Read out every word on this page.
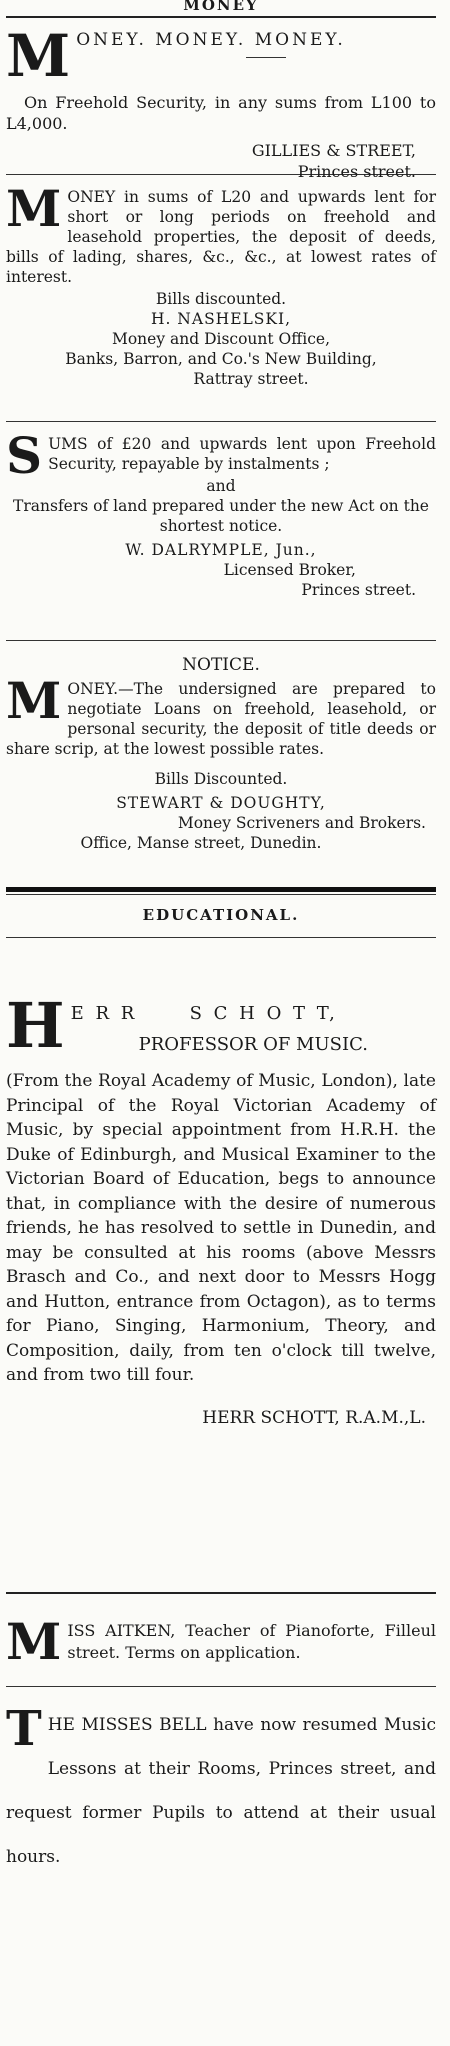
MONEY
M ONEY. MONEY. MONEY.
On Freehold Security, in any sums from L100 to L4,000.
GILLIES & STREET,
Princes street.
M ONEY in sums of L20 and upwards lent for short or long periods on freehold and leasehold properties, the deposit of deeds, bills of lading, shares, &c., &c., at lowest rates of interest.
Bills discounted.
H. NASHELSKI,
Money and Discount Office,
Banks, Barron, and Co.'s New Building,
Rattray street.
S UMS of £20 and upwards lent upon Freehold Security, repayable by instalments ;
and
Transfers of land prepared under the new Act on the shortest notice.
W. DALRYMPLE, Jun.,
Licensed Broker,
Princes street.
NOTICE.
M ONEY.—The undersigned are prepared to negotiate Loans on freehold, leasehold, or personal security, the deposit of title deeds or share scrip, at the lowest possible rates.
Bills Discounted.
STEWART & DOUGHTY,
Money Scriveners and Brokers.
Office, Manse street, Dunedin.
EDUCATIONAL.
H E R R      S C H O T T,
PROFESSOR OF MUSIC.
(From the Royal Academy of Music, London), late Principal of the Royal Victorian Academy of Music, by special appointment from H.R.H. the Duke of Edinburgh, and Musical Examiner to the Victorian Board of Education, begs to announce that, in compliance with the desire of numerous friends, he has resolved to settle in Dunedin, and may be consulted at his rooms (above Messrs Brasch and Co., and next door to Messrs Hogg and Hutton, entrance from Octagon), as to terms for Piano, Singing, Harmonium, Theory, and Composition, daily, from ten o'clock till twelve, and from two till four.
HERR SCHOTT, R.A.M.,L.
M ISS AITKEN, Teacher of Pianoforte, Filleul street. Terms on application.
T HE MISSES BELL have now resumed Music Lessons at their Rooms, Princes street, and request former Pupils to attend at their usual hours.
